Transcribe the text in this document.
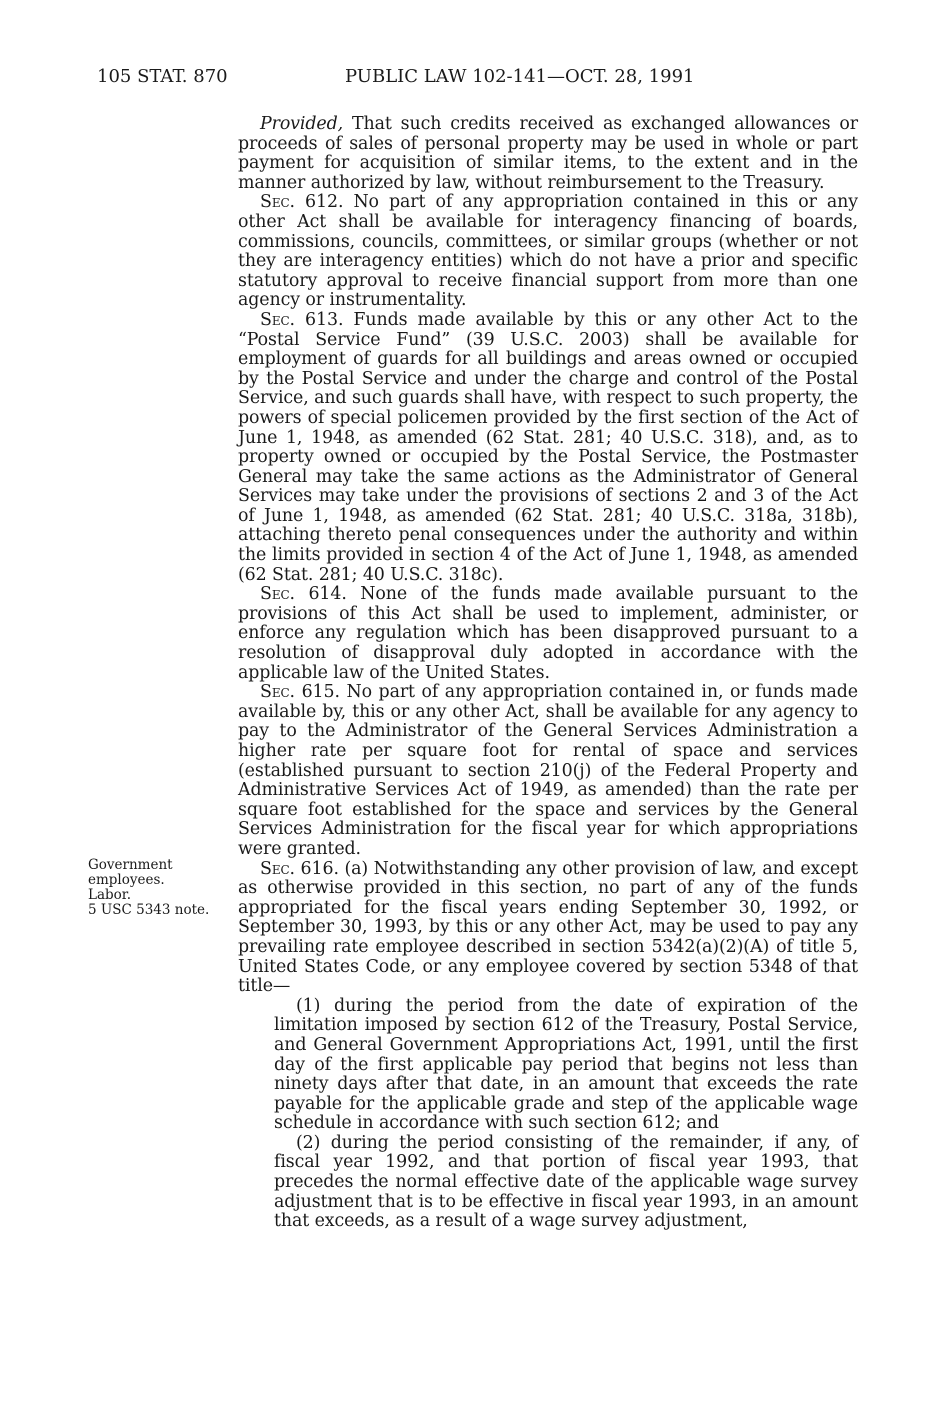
105 STAT. 870	PUBLIC LAW 102-141—OCT. 28, 1991
Government
employees.
Labor.
5 USC 5343 note.

Provided, That such credits received as exchanged allowances or proceeds of sales of personal property may be used in whole or part payment for acquisition of similar items, to the extent and in the manner authorized by law, without reimbursement to the Treasury.

Sec. 612. No part of any appropriation contained in this or any other Act shall be available for interagency financing of boards, commissions, councils, committees, or similar groups (whether or not they are interagency entities) which do not have a prior and specific statutory approval to receive financial support from more than one agency or instrumentality.

Sec. 613. Funds made available by this or any other Act to the “Postal Service Fund” (39 U.S.C. 2003) shall be available for employment of guards for all buildings and areas owned or occupied by the Postal Service and under the charge and control of the Postal Service, and such guards shall have, with respect to such property, the powers of special policemen provided by the first section of the Act of June 1, 1948, as amended (62 Stat. 281; 40 U.S.C. 318), and, as to property owned or occupied by the Postal Service, the Postmaster General may take the same actions as the Administrator of General Services may take under the provisions of sections 2 and 3 of the Act of June 1, 1948, as amended (62 Stat. 281; 40 U.S.C. 318a, 318b), attaching thereto penal consequences under the authority and within the limits provided in section 4 of the Act of June 1, 1948, as amended (62 Stat. 281; 40 U.S.C. 318c).

Sec. 614. None of the funds made available pursuant to the provisions of this Act shall be used to implement, administer, or enforce any regulation which has been disapproved pursuant to a resolution of disapproval duly adopted in accordance with the applicable law of the United States.

Sec. 615. No part of any appropriation contained in, or funds made available by, this or any other Act, shall be available for any agency to pay to the Administrator of the General Services Administration a higher rate per square foot for rental of space and services (established pursuant to section 210(j) of the Federal Property and Administrative Services Act of 1949, as amended) than the rate per square foot established for the space and services by the General Services Administration for the fiscal year for which appropriations were granted.

Sec. 616. (a) Notwithstanding any other provision of law, and except as otherwise provided in this section, no part of any of the funds appropriated for the fiscal years ending September 30, 1992, or September 30, 1993, by this or any other Act, may be used to pay any prevailing rate employee described in section 5342(a)(2)(A) of title 5, United States Code, or any employee covered by section 5348 of that title—

(1) during the period from the date of expiration of the limitation imposed by section 612 of the Treasury, Postal Service, and General Government Appropriations Act, 1991, until the first day of the first applicable pay period that begins not less than ninety days after that date, in an amount that exceeds the rate payable for the applicable grade and step of the applicable wage schedule in accordance with such section 612; and

(2) during the period consisting of the remainder, if any, of fiscal year 1992, and that portion of fiscal year 1993, that precedes the normal effective date of the applicable wage survey adjustment that is to be effective in fiscal year 1993, in an amount that exceeds, as a result of a wage survey adjustment,
